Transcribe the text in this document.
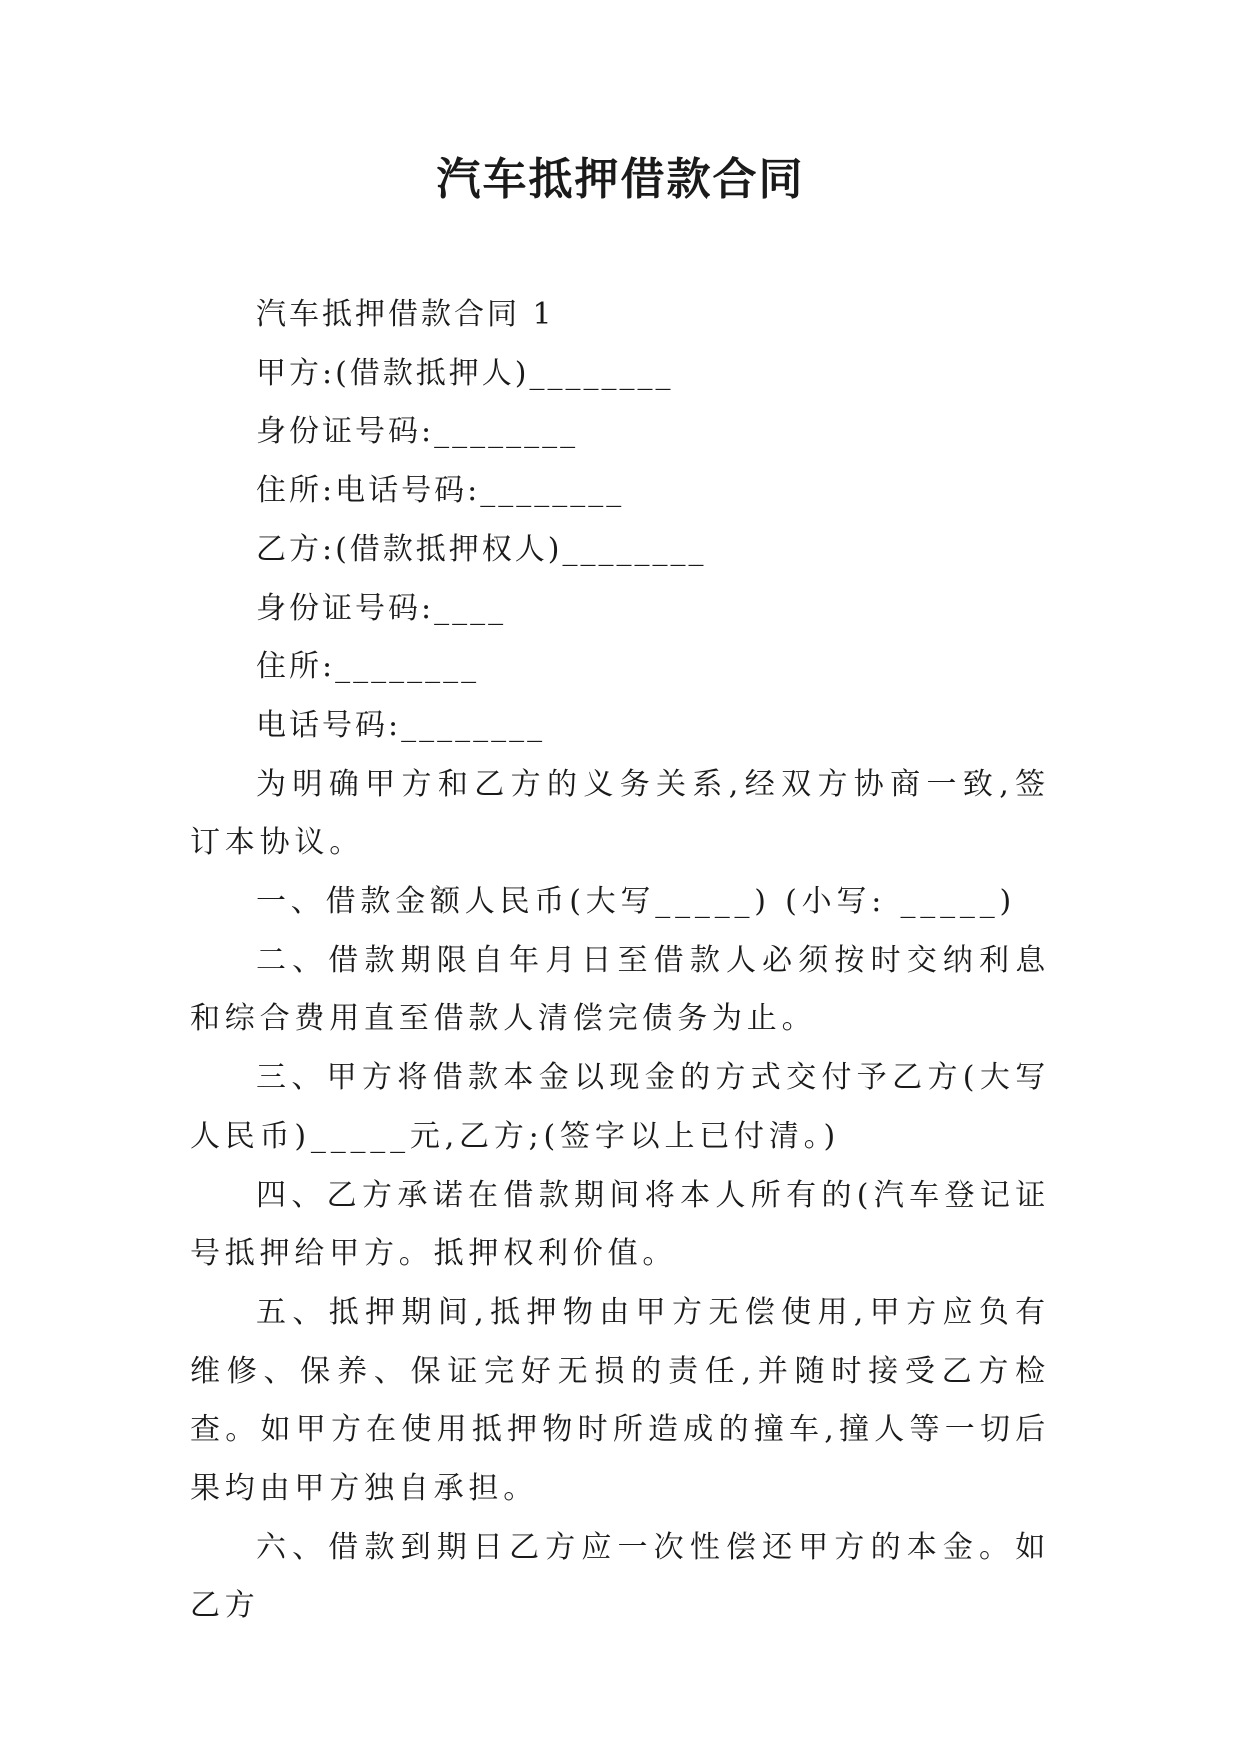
汽车抵押借款合同

汽车抵押借款合同 1

甲方:(借款抵押人)________

身份证号码:________

住所:电话号码:________

乙方:(借款抵押权人)________

身份证号码:____

住所:________

电话号码:________

为明确甲方和乙方的义务关系,经双方协商一致,签订本协议。

一、借款金额人民币(大写_____) (小写: _____)

二、借款期限自年月日至借款人必须按时交纳利息和综合费用直至借款人清偿完债务为止。

三、甲方将借款本金以现金的方式交付予乙方(大写人民币)_____元,乙方;(签字以上已付清。)

四、乙方承诺在借款期间将本人所有的(汽车登记证号抵押给甲方。抵押权利价值。

五、抵押期间,抵押物由甲方无偿使用,甲方应负有维修、保养、保证完好无损的责任,并随时接受乙方检查。如甲方在使用抵押物时所造成的撞车,撞人等一切后果均由甲方独自承担。

六、借款到期日乙方应一次性偿还甲方的本金。如乙方
